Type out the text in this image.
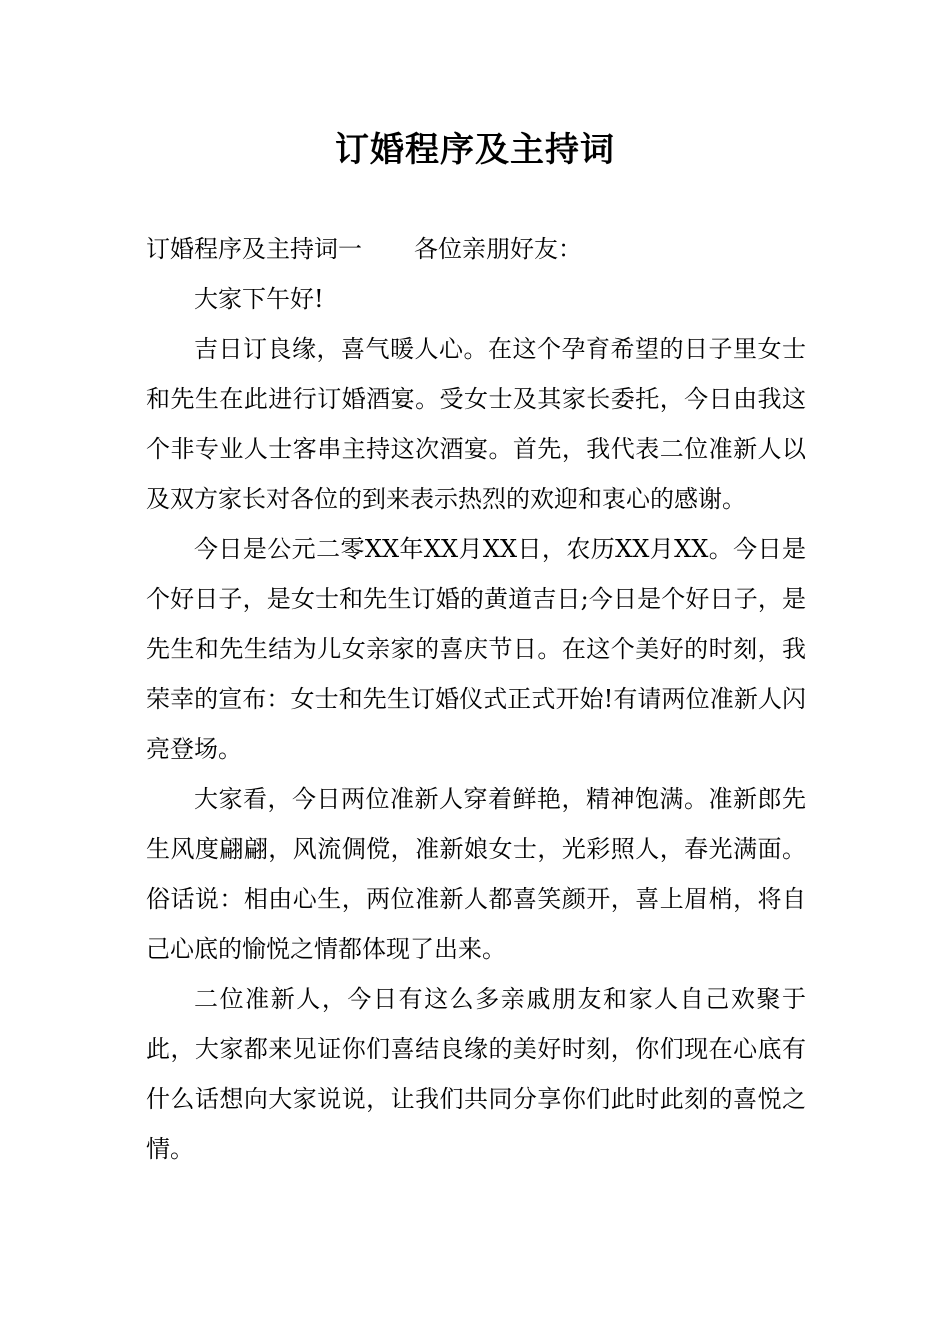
订婚程序及主持词

订婚程序及主持词一 各位亲朋好友：

大家下午好!

吉日订良缘，喜气暖人心。在这个孕育希望的日子里女士和先生在此进行订婚酒宴。受女士及其家长委托，今日由我这个非专业人士客串主持这次酒宴。首先，我代表二位准新人以及双方家长对各位的到来表示热烈的欢迎和衷心的感谢。

今日是公元二零XX年XX月XX日，农历XX月XX。今日是个好日子，是女士和先生订婚的黄道吉日;今日是个好日子，是先生和先生结为儿女亲家的喜庆节日。在这个美好的时刻，我荣幸的宣布：女士和先生订婚仪式正式开始!有请两位准新人闪亮登场。

大家看，今日两位准新人穿着鲜艳，精神饱满。准新郎先生风度翩翩，风流倜傥，准新娘女士，光彩照人，春光满面。俗话说：相由心生，两位准新人都喜笑颜开，喜上眉梢，将自己心底的愉悦之情都体现了出来。

二位准新人，今日有这么多亲戚朋友和家人自己欢聚于此，大家都来见证你们喜结良缘的美好时刻，你们现在心底有什么话想向大家说说，让我们共同分享你们此时此刻的喜悦之情。
